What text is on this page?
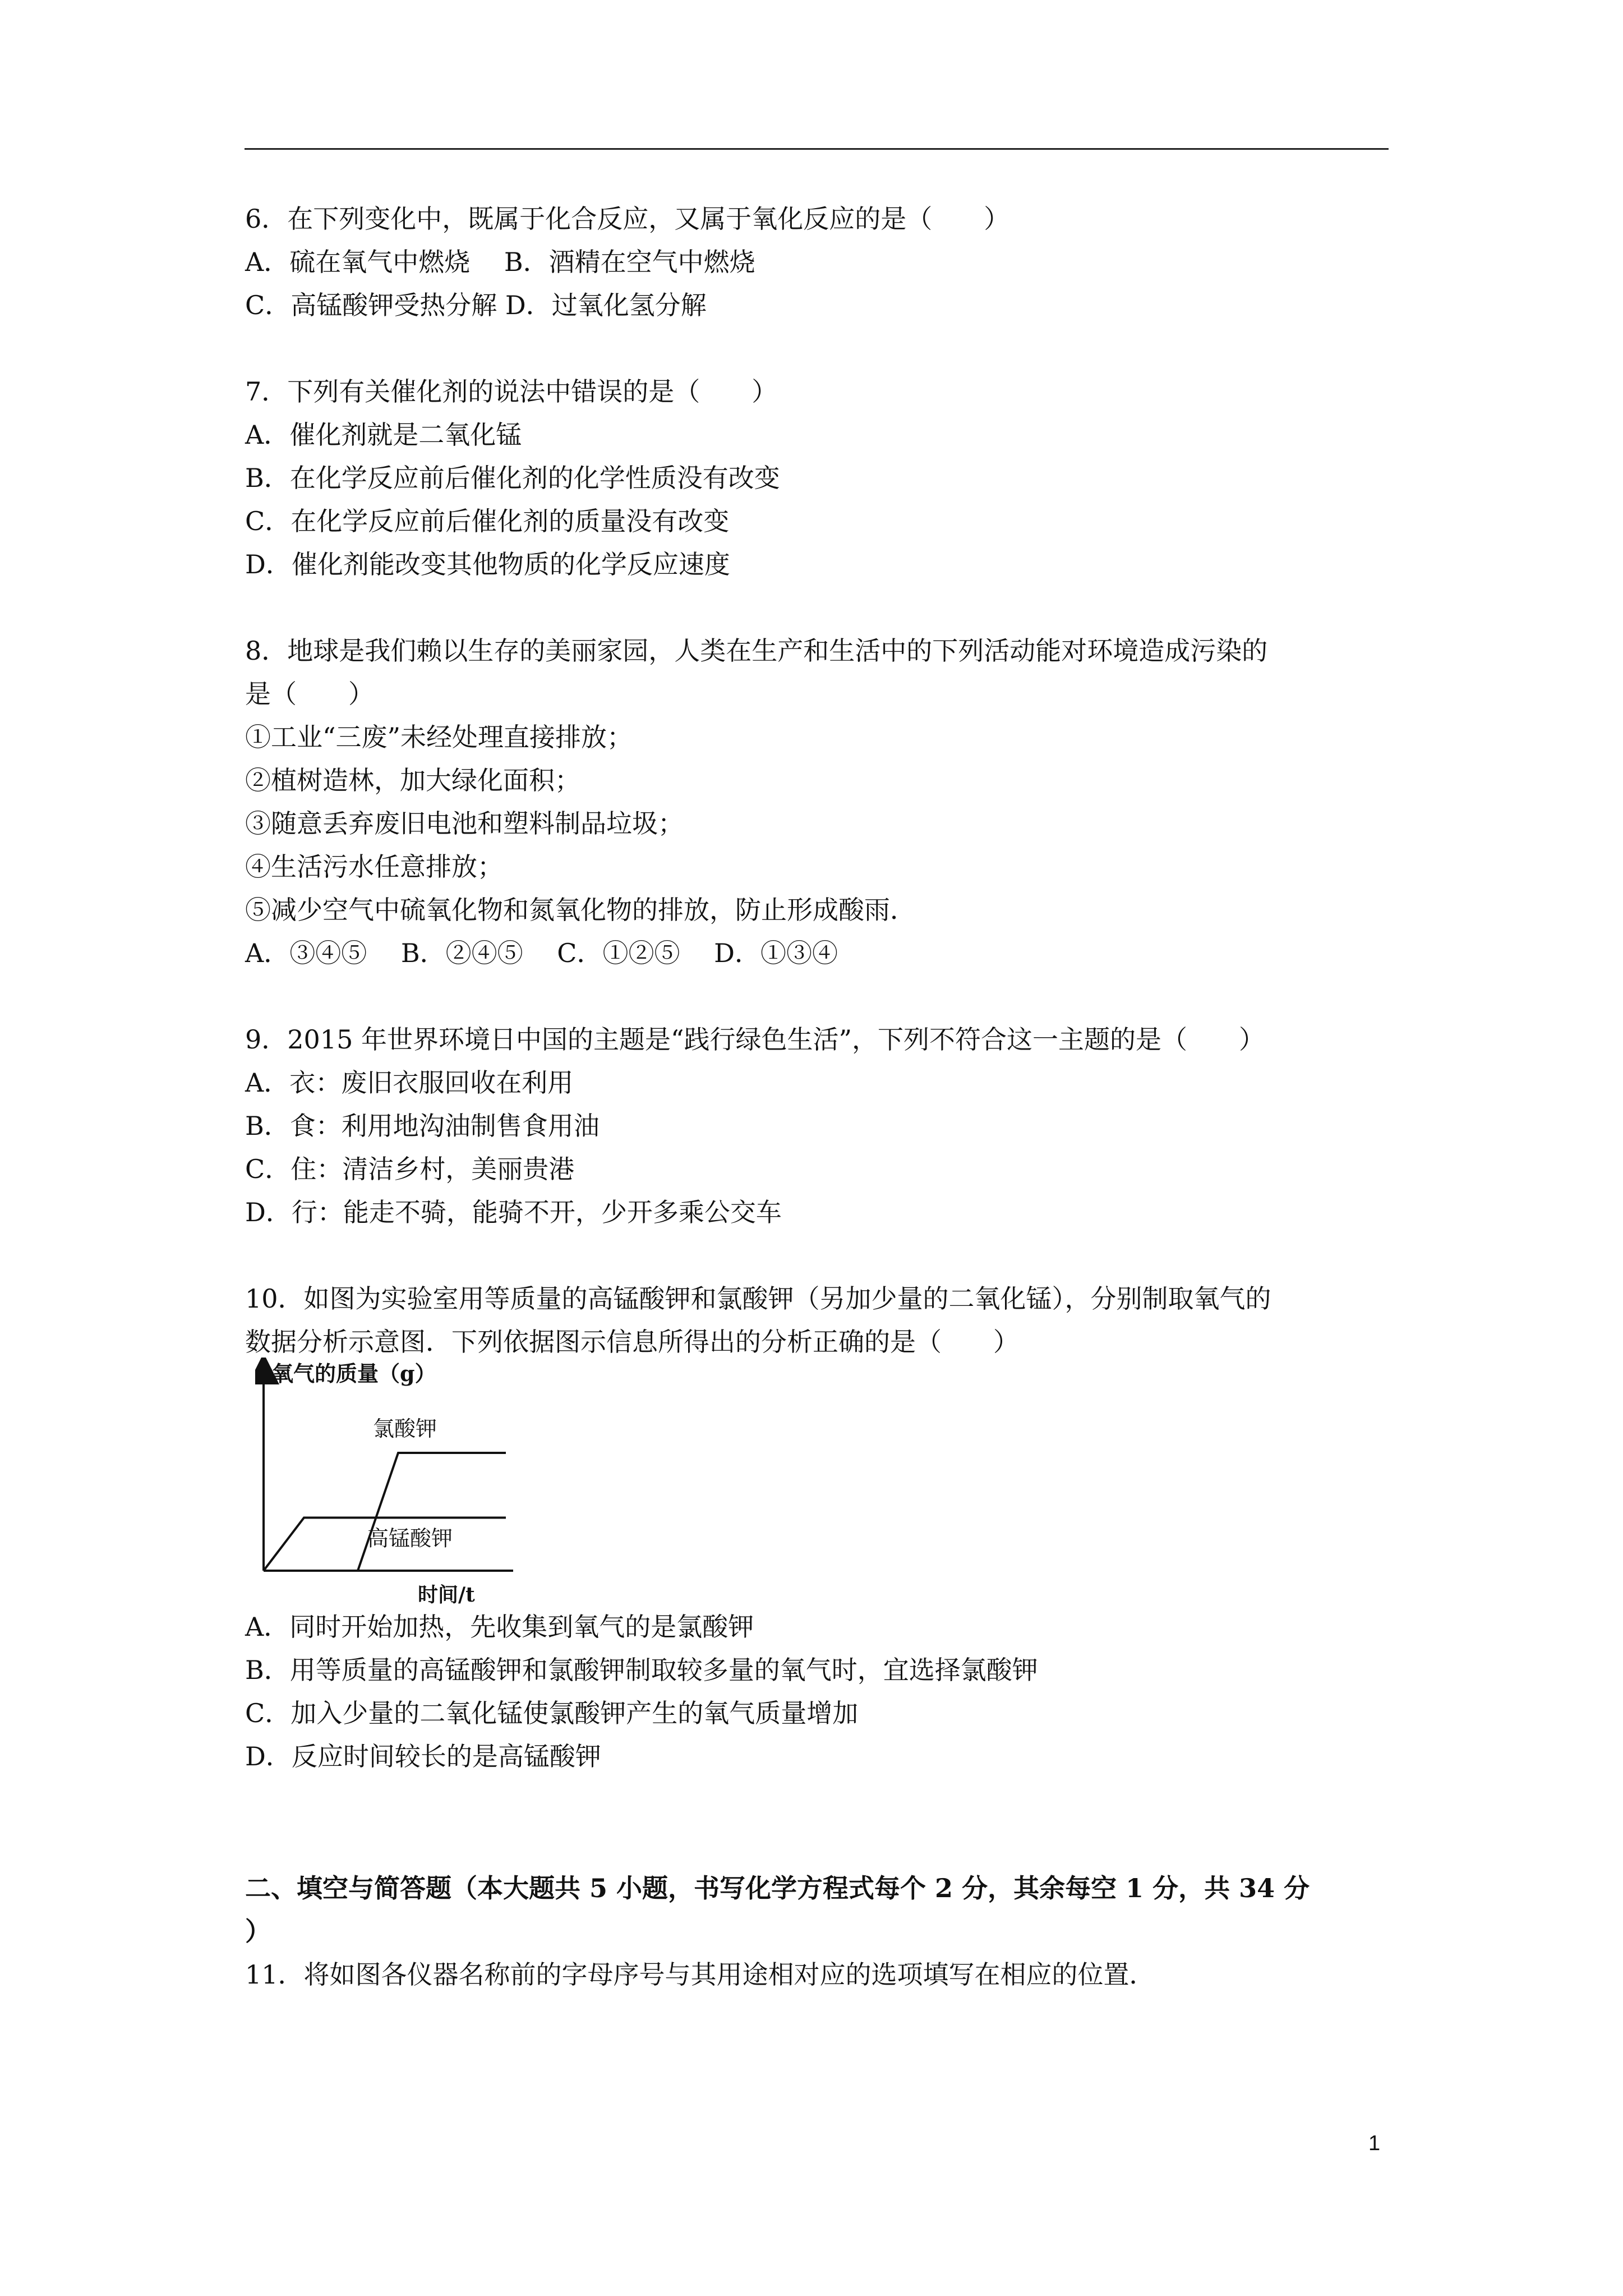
6．在下列变化中，既属于化合反应，又属于氧化反应的是（　　）
A．硫在氧气中燃烧　 B．酒精在空气中燃烧
C．高锰酸钾受热分解 D．过氧化氢分解
7．下列有关催化剂的说法中错误的是（　　）
A．催化剂就是二氧化锰
B．在化学反应前后催化剂的化学性质没有改变
C．在化学反应前后催化剂的质量没有改变
D．催化剂能改变其他物质的化学反应速度
8．地球是我们赖以生存的美丽家园，人类在生产和生活中的下列活动能对环境造成污染的
是（　　）
①工业“三废”未经处理直接排放；
②植树造林，加大绿化面积；
③随意丢弃废旧电池和塑料制品垃圾；
④生活污水任意排放；
⑤减少空气中硫氧化物和氮氧化物的排放，防止形成酸雨．
A．③④⑤　 B．②④⑤　 C．①②⑤　 D．①③④
9．2015 年世界环境日中国的主题是“践行绿色生活”，下列不符合这一主题的是（　　）
A．衣：废旧衣服回收在利用
B．食：利用地沟油制售食用油
C．住：清洁乡村，美丽贵港
D．行：能走不骑，能骑不开，少开多乘公交车
10．如图为实验室用等质量的高锰酸钾和氯酸钾（另加少量的二氧化锰），分别制取氧气的
数据分析示意图．下列依据图示信息所得出的分析正确的是（　　）
氧气的质量（g）
时间/t
氯酸钾
高锰酸钾
A．同时开始加热，先收集到氧气的是氯酸钾
B．用等质量的高锰酸钾和氯酸钾制取较多量的氧气时，宜选择氯酸钾
C．加入少量的二氧化锰使氯酸钾产生的氧气质量增加
D．反应时间较长的是高锰酸钾
二、填空与简答题（本大题共 5 小题，书写化学方程式每个 2 分，其余每空 1 分，共 34 分
）
11．将如图各仪器名称前的字母序号与其用途相对应的选项填写在相应的位置．
1
